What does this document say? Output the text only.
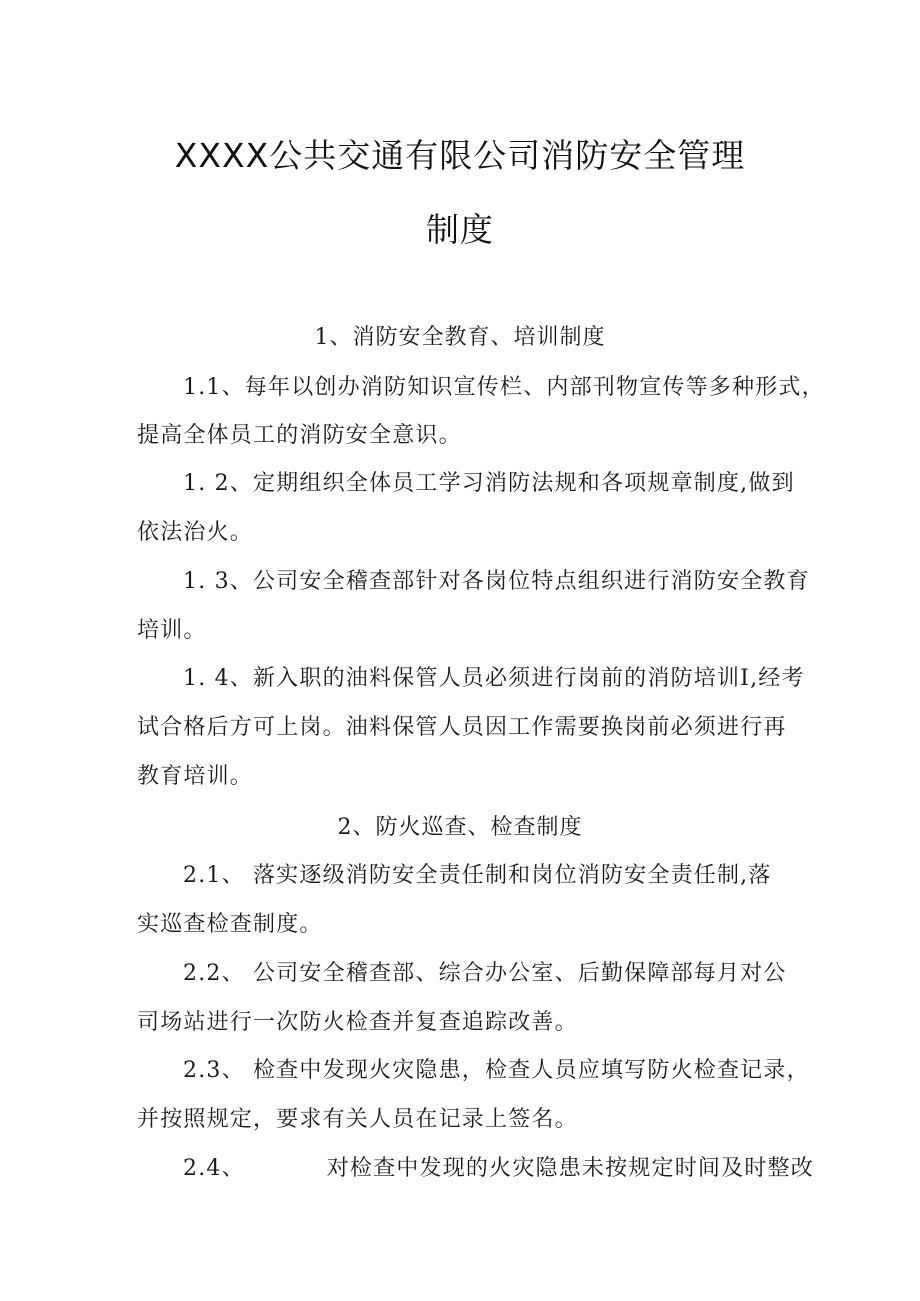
XXXX公共交通有限公司消防安全管理
制度
1、消防安全教育、培训制度
1.1、每年以创办消防知识宣传栏、内部刊物宣传等多种形式，
提高全体员工的消防安全意识。
1. 2、定期组织全体员工学习消防法规和各项规章制度,做到
依法治火。
1. 3、公司安全稽查部针对各岗位特点组织进行消防安全教育
培训。
1. 4、新入职的油料保管人员必须进行岗前的消防培训I,经考
试合格后方可上岗。油料保管人员因工作需要换岗前必须进行再
教育培训。
2、防火巡查、检查制度
2.1、 落实逐级消防安全责任制和岗位消防安全责任制,落
实巡查检查制度。
2.2、 公司安全稽查部、综合办公室、后勤保障部每月对公
司场站进行一次防火检查并复查追踪改善。
2.3、 检查中发现火灾隐患，检查人员应填写防火检查记录，
并按照规定，要求有关人员在记录上签名。
2.4、          对检查中发现的火灾隐患未按规定时间及时整改
